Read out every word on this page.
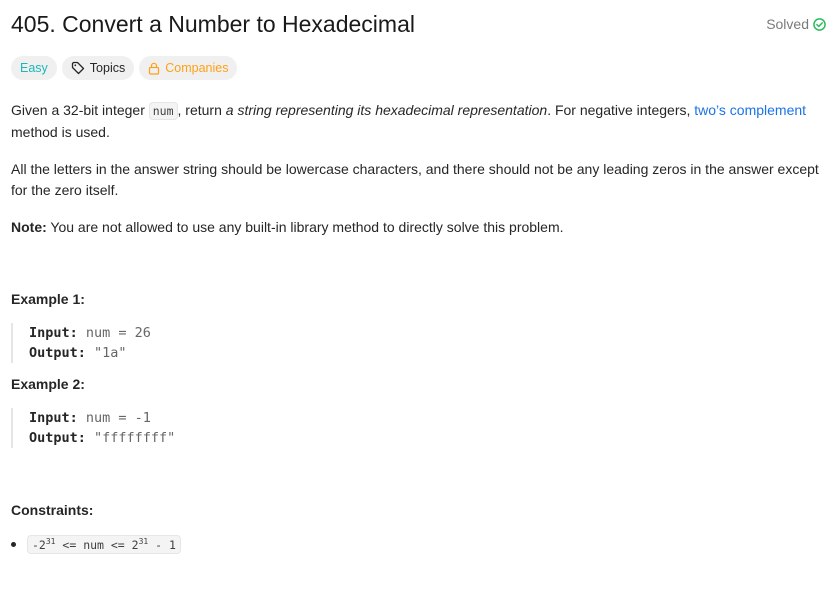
405. Convert a Number to Hexadecimal	Solved
Easy	Topics	Companies

Given a 32-bit integer num , return a string representing its hexadecimal representation. For negative integers, two’s complement method is used.

All the letters in the answer string should be lowercase characters, and there should not be any leading zeros in the answer except for the zero itself.

Note: You are not allowed to use any built-in library method to directly solve this problem.

Example 1:
Input: num = 26
Output: "1a"
Example 2:
Input: num = -1
Output: "ffffffff"
Constraints:
$-2^{31}$ <= num <= $2^{31} - 1$
